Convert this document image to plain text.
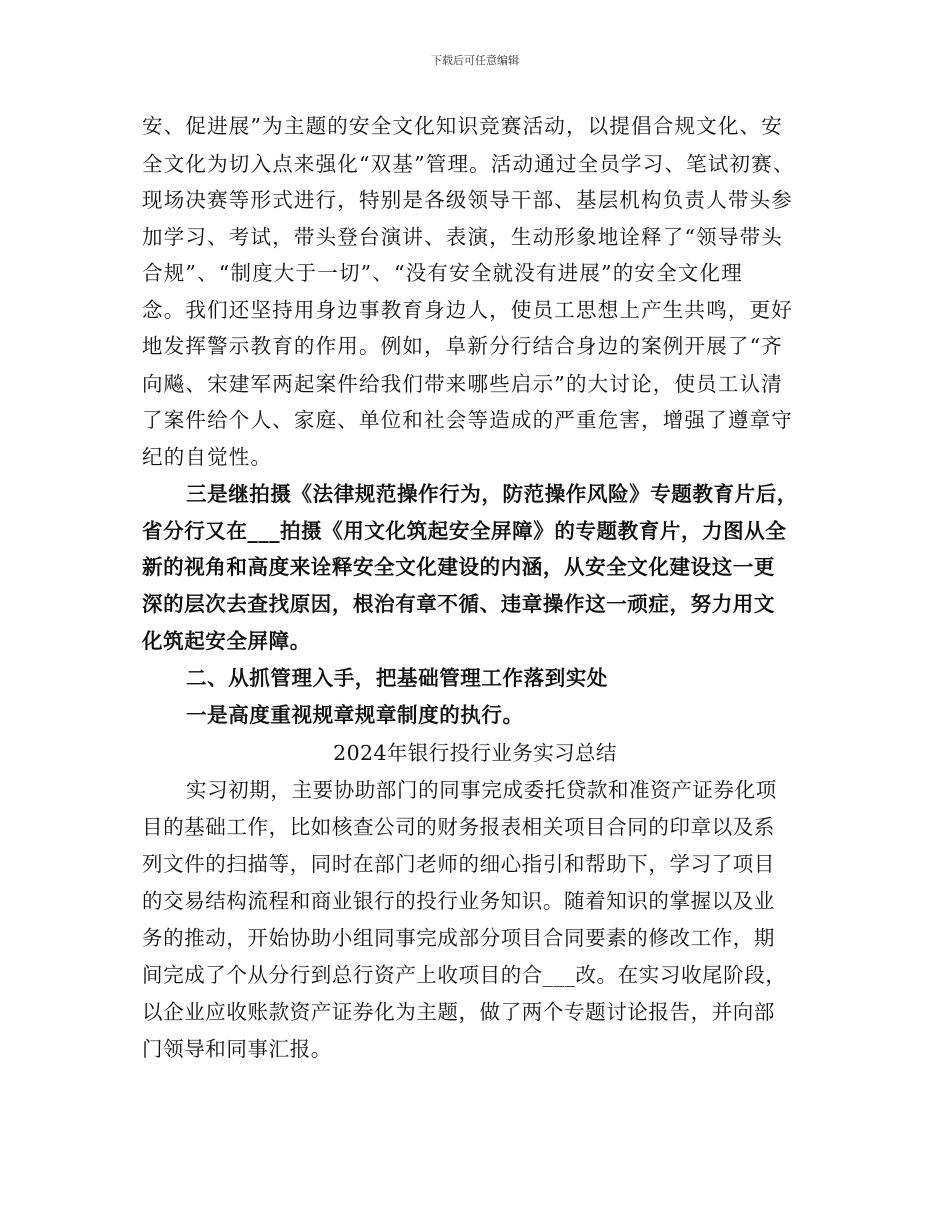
下载后可任意编辑
安、促进展”为主题的安全文化知识竞赛活动，以提倡合规文化、安
全文化为切入点来强化“双基”管理。活动通过全员学习、笔试初赛、
现场决赛等形式进行，特别是各级领导干部、基层机构负责人带头参
加学习、考试，带头登台演讲、表演，生动形象地诠释了“领导带头
合规”、“制度大于一切”、“没有安全就没有进展”的安全文化理
念。我们还坚持用身边事教育身边人，使员工思想上产生共鸣，更好
地发挥警示教育的作用。例如，阜新分行结合身边的案例开展了“齐
向飚、宋建军两起案件给我们带来哪些启示”的大讨论，使员工认清
了案件给个人、家庭、单位和社会等造成的严重危害，增强了遵章守
纪的自觉性。
三是继拍摄《法律规范操作行为，防范操作风险》专题教育片后，
省分行又在___拍摄《用文化筑起安全屏障》的专题教育片，力图从全
新的视角和高度来诠释安全文化建设的内涵，从安全文化建设这一更
深的层次去查找原因，根治有章不循、违章操作这一顽症，努力用文
化筑起安全屏障。
二、从抓管理入手，把基础管理工作落到实处
一是高度重视规章规章制度的执行。
2024年银行投行业务实习总结
实习初期，主要协助部门的同事完成委托贷款和准资产证券化项
目的基础工作，比如核查公司的财务报表相关项目合同的印章以及系
列文件的扫描等，同时在部门老师的细心指引和帮助下，学习了项目
的交易结构流程和商业银行的投行业务知识。随着知识的掌握以及业
务的推动，开始协助小组同事完成部分项目合同要素的修改工作，期
间完成了个从分行到总行资产上收项目的合___改。在实习收尾阶段，
以企业应收账款资产证券化为主题，做了两个专题讨论报告，并向部
门领导和同事汇报。
